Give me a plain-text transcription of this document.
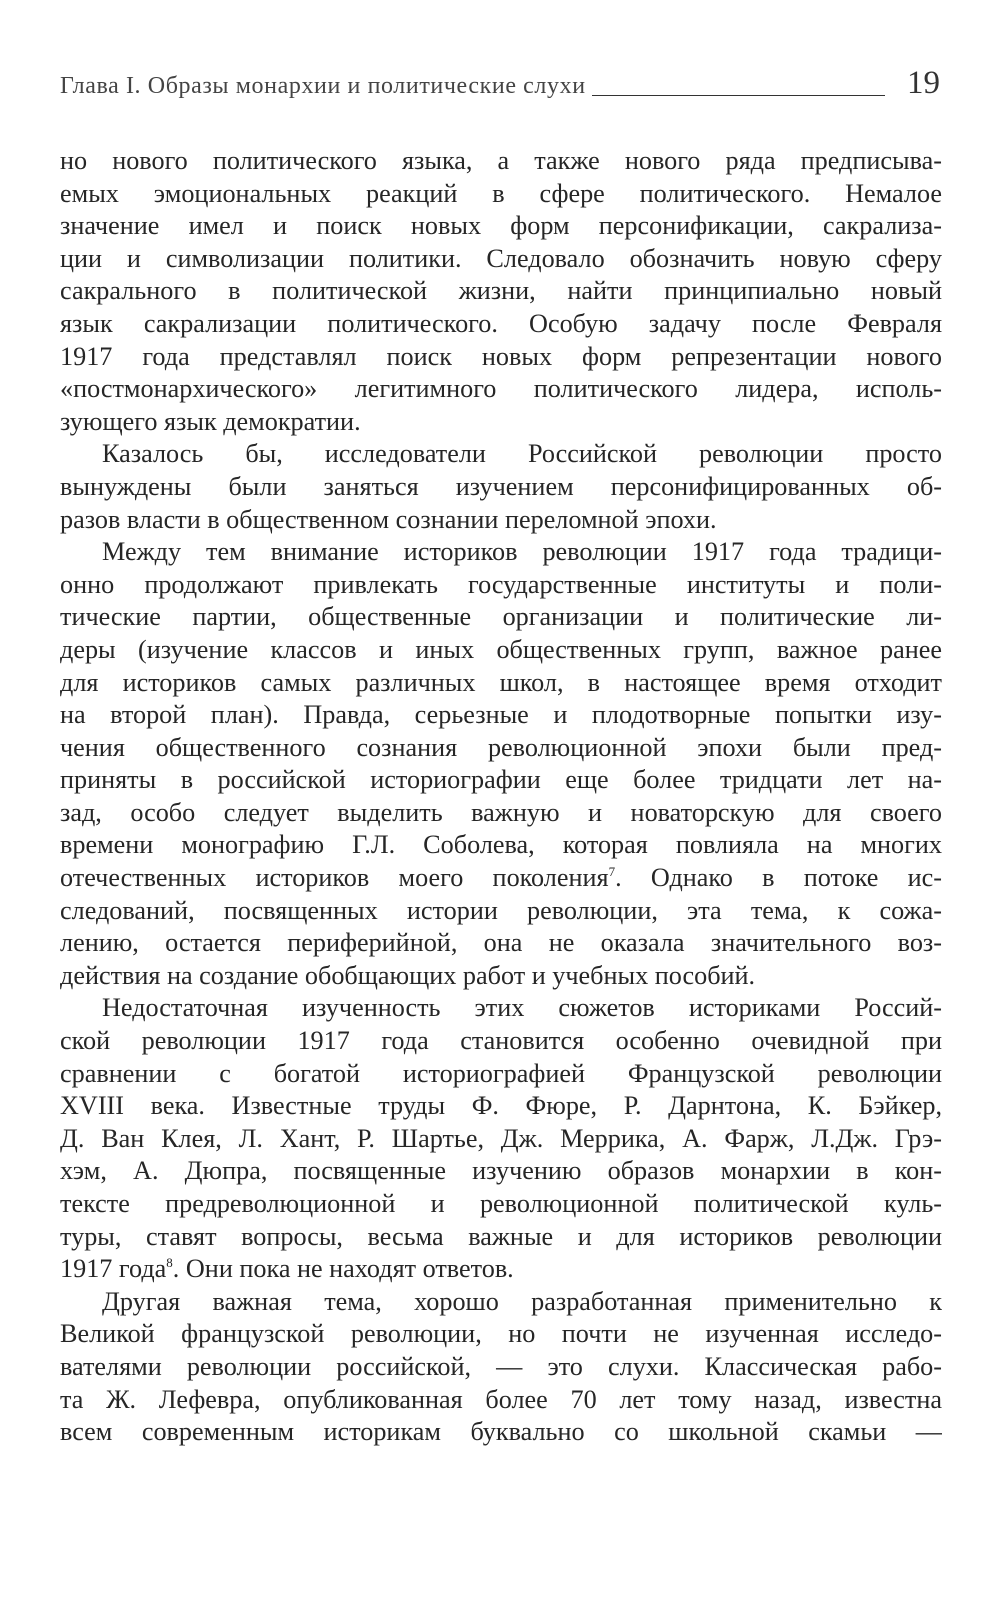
Глава I. Образы монархии и политические слухи	19
но нового политического языка, а также нового ряда предписыва-
емых эмоциональных реакций в сфере политического. Немалое
значение имел и поиск новых форм персонификации, сакрализа-
ции и символизации политики. Следовало обозначить новую сферу
сакрального в политической жизни, найти принципиально новый
язык сакрализации политического. Особую задачу после Февраля
1917 года представлял поиск новых форм репрезентации нового
«постмонархического» легитимного политического лидера, исполь-
зующего язык демократии.
Казалось бы, исследователи Российской революции просто
вынуждены были заняться изучением персонифицированных об-
разов власти в общественном сознании переломной эпохи.
Между тем внимание историков революции 1917 года традици-
онно продолжают привлекать государственные институты и поли-
тические партии, общественные организации и политические ли-
деры (изучение классов и иных общественных групп, важное ранее
для историков самых различных школ, в настоящее время отходит
на второй план). Правда, серьезные и плодотворные попытки изу-
чения общественного сознания революционной эпохи были пред-
приняты в российской историографии еще более тридцати лет на-
зад, особо следует выделить важную и новаторскую для своего
времени монографию Г.Л. Соболева, которая повлияла на многих
отечественных историков моего поколения$^7$. Однако в потоке ис-
следований, посвященных истории революции, эта тема, к сожа-
лению, остается периферийной, она не оказала значительного воз-
действия на создание обобщающих работ и учебных пособий.
Недостаточная изученность этих сюжетов историками Россий-
ской революции 1917 года становится особенно очевидной при
сравнении с богатой историографией Французской революции
XVIII века. Известные труды Ф. Фюре, Р. Дарнтона, К. Бэйкер,
Д. Ван Клея, Л. Хант, Р. Шартье, Дж. Меррика, А. Фарж, Л.Дж. Грэ-
хэм, А. Дюпра, посвященные изучению образов монархии в кон-
тексте предреволюционной и революционной политической куль-
туры, ставят вопросы, весьма важные и для историков революции
1917 года$^8$. Они пока не находят ответов.
Другая важная тема, хорошо разработанная применительно к
Великой французской революции, но почти не изученная исследо-
вателями революции российской, — это слухи. Классическая рабо-
та Ж. Лефевра, опубликованная более 70 лет тому назад, известна
всем современным историкам буквально со школьной скамьи —
